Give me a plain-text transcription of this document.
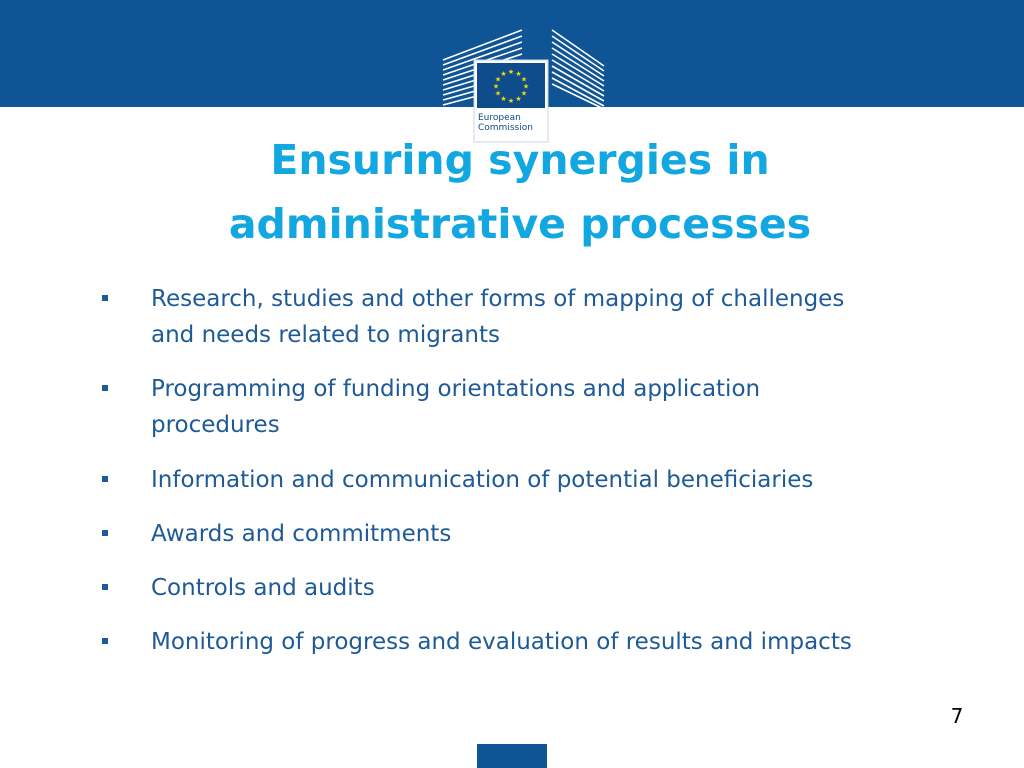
★ ★
★
★
★
★
★
★
★
★
★
★
European
Commission
Ensuring synergies in
administrative processes
Research, studies and other forms of mapping of challenges
and needs related to migrants
Programming of funding orientations and application
procedures
Information and communication of potential beneficiaries
Awards and commitments
Controls and audits
Monitoring of progress and evaluation of results and impacts
7
